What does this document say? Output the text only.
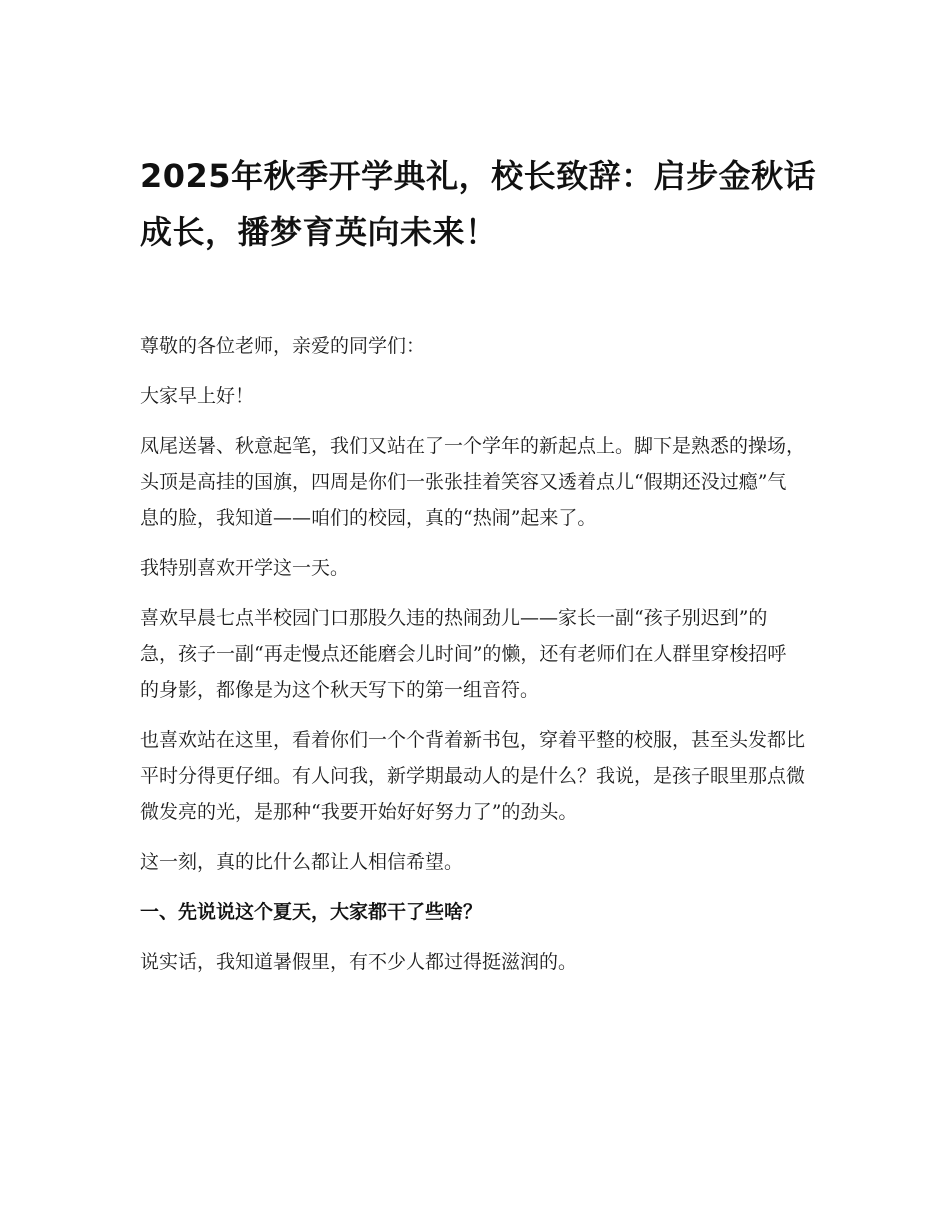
2025年秋季开学典礼，校长致辞：启步金秋话成长，播梦育英向未来！

尊敬的各位老师，亲爱的同学们：

大家早上好！

凤尾送暑、秋意起笔，我们又站在了一个学年的新起点上。脚下是熟悉的操场，头顶是高挂的国旗，四周是你们一张张挂着笑容又透着点儿“假期还没过瘾”气息的脸，我知道——咱们的校园，真的“热闹”起来了。

我特别喜欢开学这一天。

喜欢早晨七点半校园门口那股久违的热闹劲儿——家长一副“孩子别迟到”的急，孩子一副“再走慢点还能磨会儿时间”的懒，还有老师们在人群里穿梭招呼的身影，都像是为这个秋天写下的第一组音符。

也喜欢站在这里，看着你们一个个背着新书包，穿着平整的校服，甚至头发都比平时分得更仔细。有人问我，新学期最动人的是什么？我说，是孩子眼里那点微微发亮的光，是那种“我要开始好好努力了”的劲头。

这一刻，真的比什么都让人相信希望。

一、先说说这个夏天，大家都干了些啥？

说实话，我知道暑假里，有不少人都过得挺滋润的。
